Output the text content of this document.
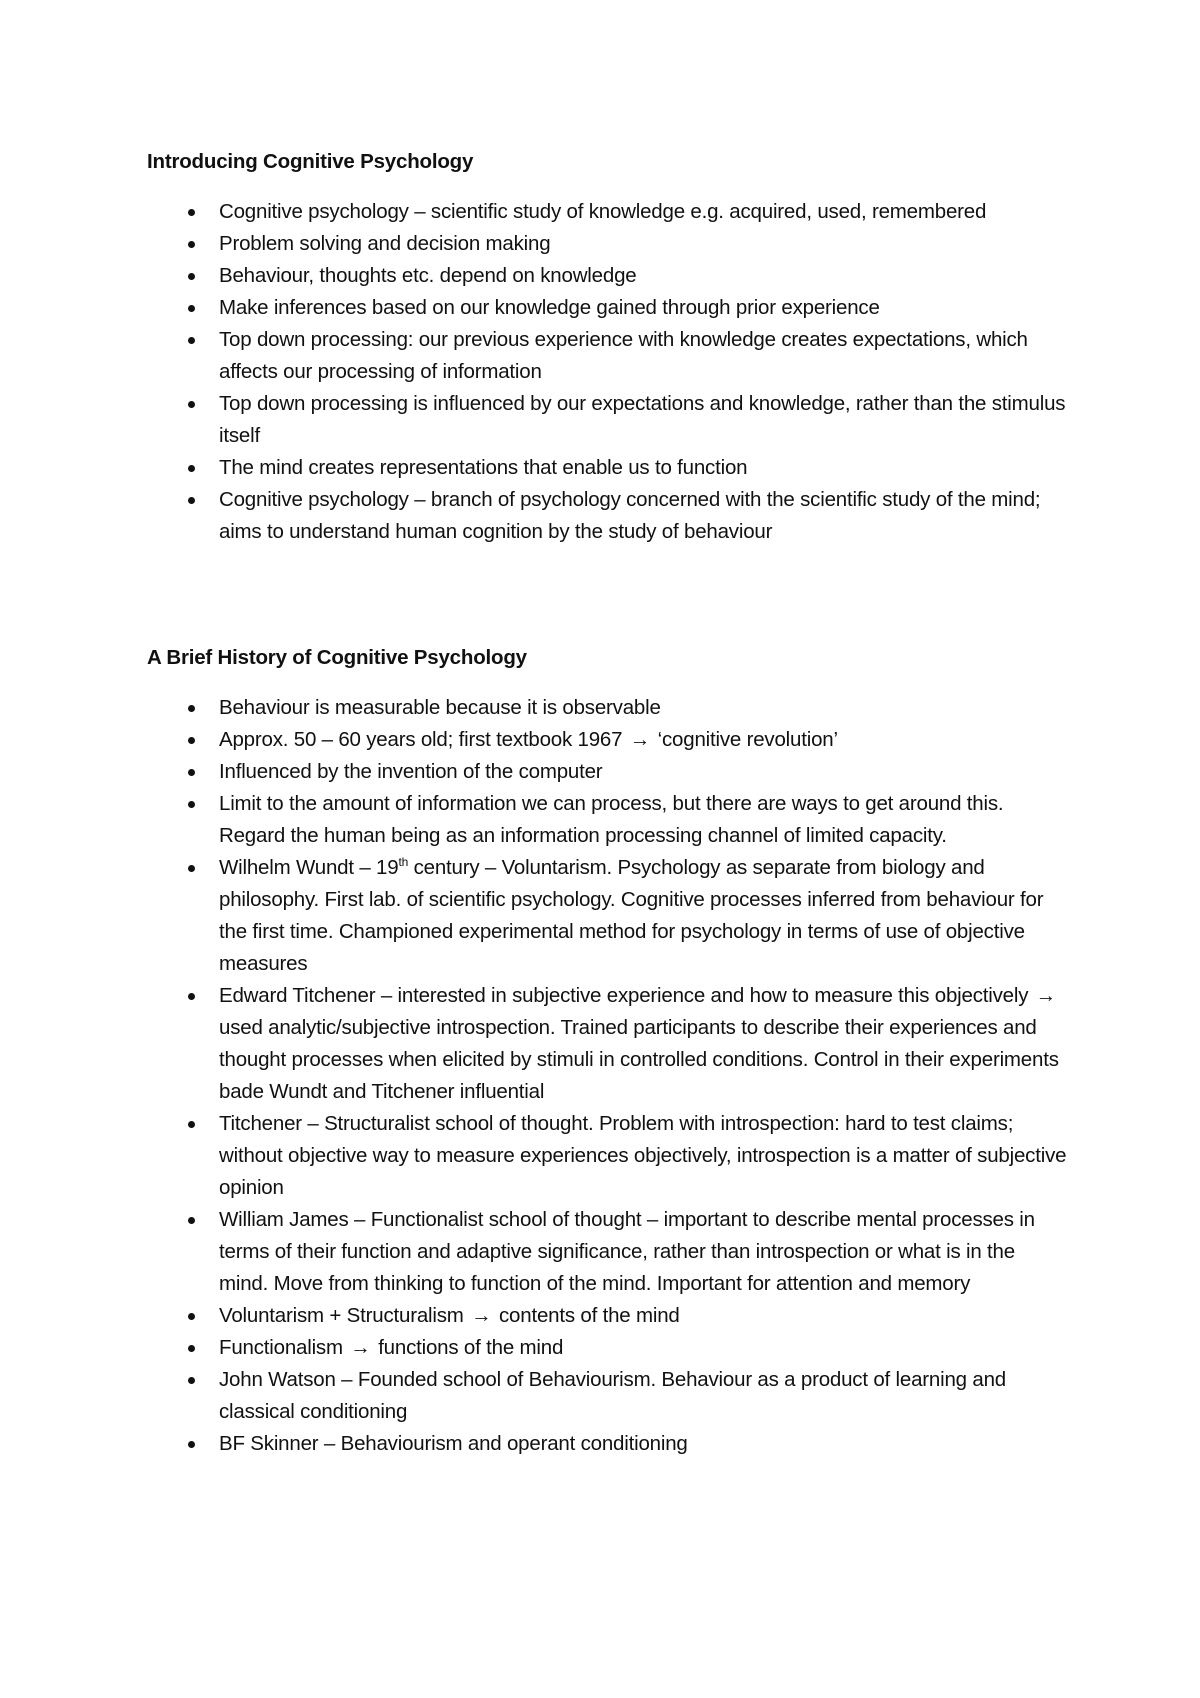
Introducing Cognitive Psychology
Cognitive psychology – scientific study of knowledge e.g. acquired, used, remembered
Problem solving and decision making
Behaviour, thoughts etc. depend on knowledge
Make inferences based on our knowledge gained through prior experience
Top down processing: our previous experience with knowledge creates expectations, which affects our processing of information
Top down processing is influenced by our expectations and knowledge, rather than the stimulus itself
The mind creates representations that enable us to function
Cognitive psychology – branch of psychology concerned with the scientific study of the mind; aims to understand human cognition by the study of behaviour
A Brief History of Cognitive Psychology
Behaviour is measurable because it is observable
Approx. 50 – 60 years old; first textbook 1967 → ‘cognitive revolution’
Influenced by the invention of the computer
Limit to the amount of information we can process, but there are ways to get around this. Regard the human being as an information processing channel of limited capacity.
Wilhelm Wundt – 19th century – Voluntarism. Psychology as separate from biology and philosophy. First lab. of scientific psychology. Cognitive processes inferred from behaviour for the first time. Championed experimental method for psychology in terms of use of objective measures
Edward Titchener – interested in subjective experience and how to measure this objectively → used analytic/subjective introspection. Trained participants to describe their experiences and thought processes when elicited by stimuli in controlled conditions. Control in their experiments bade Wundt and Titchener influential
Titchener – Structuralist school of thought. Problem with introspection: hard to test claims; without objective way to measure experiences objectively, introspection is a matter of subjective opinion
William James – Functionalist school of thought – important to describe mental processes in terms of their function and adaptive significance, rather than introspection or what is in the mind. Move from thinking to function of the mind. Important for attention and memory
Voluntarism + Structuralism → contents of the mind
Functionalism → functions of the mind
John Watson – Founded school of Behaviourism. Behaviour as a product of learning and classical conditioning
BF Skinner – Behaviourism and operant conditioning
